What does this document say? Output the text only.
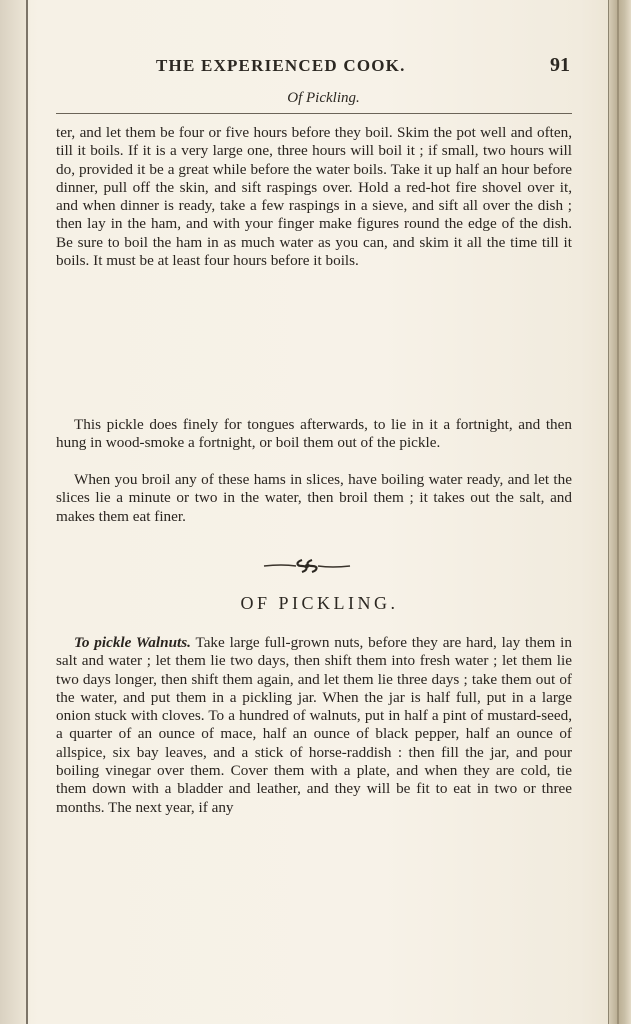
THE EXPERIENCED COOK.	91
Of Pickling.

ter, and let them be four or five hours before they boil. Skim the pot well and often, till it boils. If it is a very large one, three hours will boil it ; if small, two hours will do, provided it be a great while before the water boils. Take it up half an hour before dinner, pull off the skin, and sift raspings over. Hold a red-hot fire shovel over it, and when dinner is ready, take a few raspings in a sieve, and sift all over the dish ; then lay in the ham, and with your finger make figures round the edge of the dish. Be sure to boil the ham in as much water as you can, and skim it all the time till it boils. It must be at least four hours before it boils.

This pickle does finely for tongues afterwards, to lie in it a fortnight, and then hung in wood-smoke a fortnight, or boil them out of the pickle.

When you broil any of these hams in slices, have boiling water ready, and let the slices lie a minute or two in the water, then broil them ; it takes out the salt, and makes them eat finer.

OF PICKLING.

To pickle Walnuts. Take large full-grown nuts, before they are hard, lay them in salt and water ; let them lie two days, then shift them into fresh water ; let them lie two days longer, then shift them again, and let them lie three days ; take them out of the water, and put them in a pickling jar. When the jar is half full, put in a large onion stuck with cloves. To a hundred of walnuts, put in half a pint of mustard-seed, a quarter of an ounce of mace, half an ounce of black pepper, half an ounce of allspice, six bay leaves, and a stick of horse-raddish : then fill the jar, and pour boiling vinegar over them. Cover them with a plate, and when they are cold, tie them down with a bladder and leather, and they will be fit to eat in two or three months. The next year, if any
